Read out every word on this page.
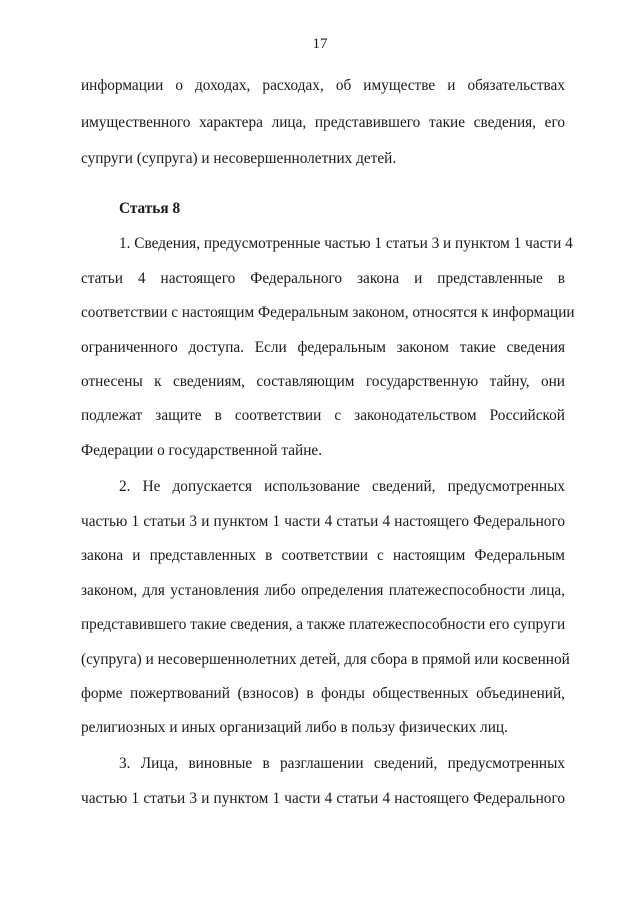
17
информации о доходах, расходах, об имуществе и обязательствах
имущественного характера лица, представившего такие сведения, его
супруги (супруга) и несовершеннолетних детей.
Статья 8
1. Сведения, предусмотренные частью 1 статьи 3 и пунктом 1 части 4
статьи 4 настоящего Федерального закона и представленные в
соответствии с настоящим Федеральным законом, относятся к информации
ограниченного доступа. Если федеральным законом такие сведения
отнесены к сведениям, составляющим государственную тайну, они
подлежат защите в соответствии с законодательством Российской
Федерации о государственной тайне.
2. Не допускается использование сведений, предусмотренных
частью 1 статьи 3 и пунктом 1 части 4 статьи 4 настоящего Федерального
закона и представленных в соответствии с настоящим Федеральным
законом, для установления либо определения платежеспособности лица,
представившего такие сведения, а также платежеспособности его супруги
(супруга) и несовершеннолетних детей, для сбора в прямой или косвенной
форме пожертвований (взносов) в фонды общественных объединений,
религиозных и иных организаций либо в пользу физических лиц.
3. Лица, виновные в разглашении сведений, предусмотренных
частью 1 статьи 3 и пунктом 1 части 4 статьи 4 настоящего Федерального
